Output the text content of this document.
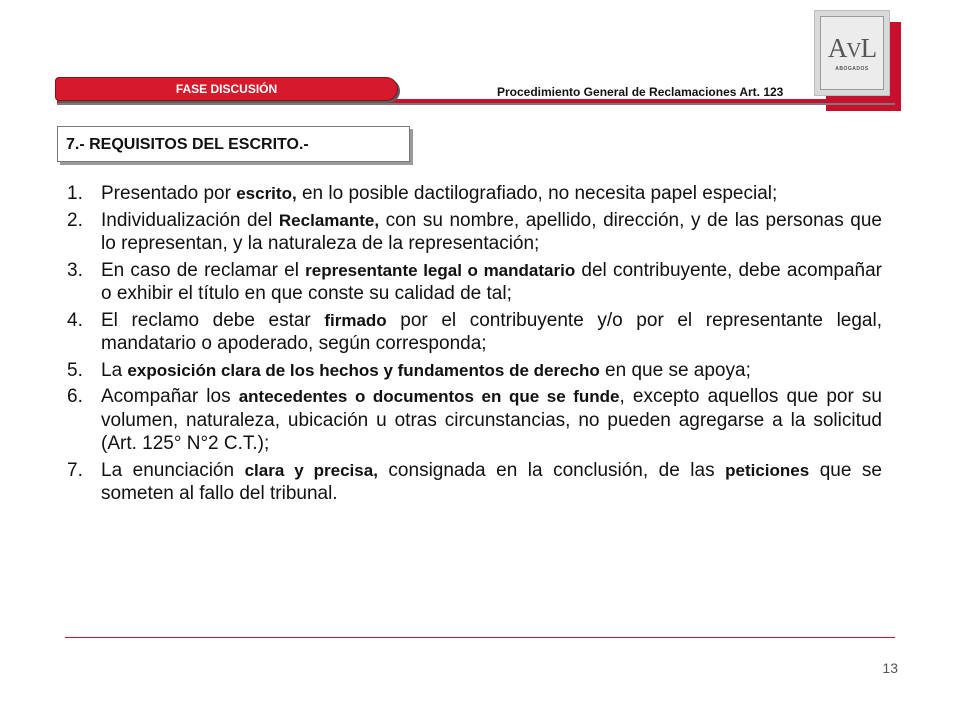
AVL
ABOGADOS
FASE DISCUSIÓN	Procedimiento General de Reclamaciones Art. 123
7.- REQUISITOS DEL ESCRITO.-
1. Presentado por escrito, en lo posible dactilografiado, no necesita papel especial;
2. Individualización del Reclamante, con su nombre, apellido, dirección, y de las personas que lo representan, y la naturaleza de la representación;
3. En caso de reclamar el representante legal o mandatario del contribuyente, debe acompañar o exhibir el título en que conste su calidad de tal;
4. El reclamo debe estar firmado por el contribuyente y/o por el representante legal, mandatario o apoderado, según corresponda;
5. La exposición clara de los hechos y fundamentos de derecho en que se apoya;
6. Acompañar los antecedentes o documentos en que se funde, excepto aquellos que por su volumen, naturaleza, ubicación u otras circunstancias, no pueden agregarse a la solicitud (Art. 125° N°2 C.T.);
7. La enunciación clara y precisa, consignada en la conclusión, de las peticiones que se someten al fallo del tribunal.
13
